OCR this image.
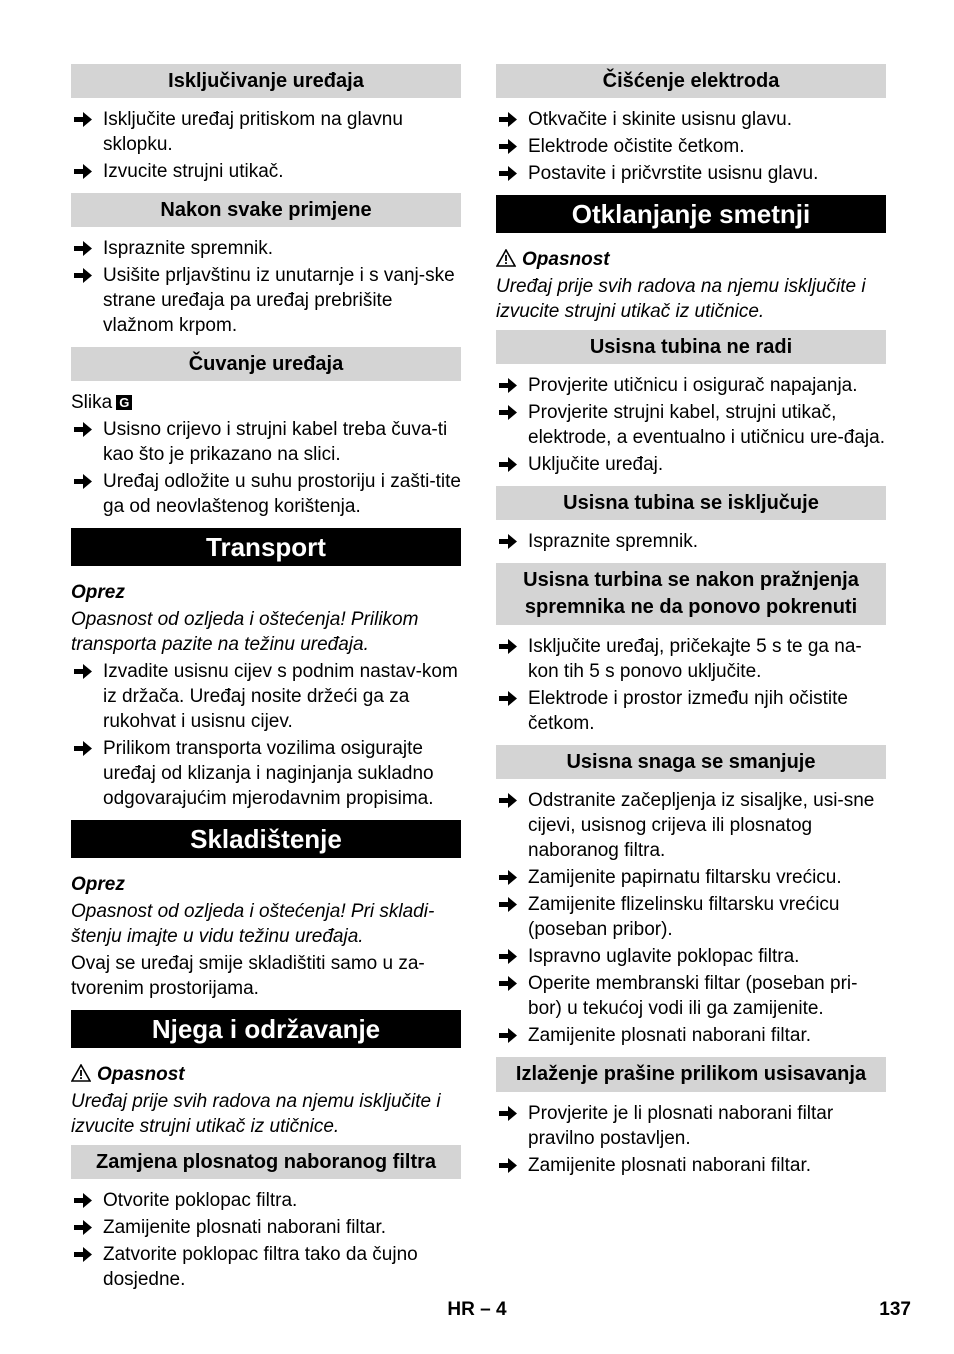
Isključivanje uređaja
Isključite uređaj pritiskom na glavnu sklopku.
Izvucite strujni utikač.
Nakon svake primjene
Ispraznite spremnik.
Usišite prljavštinu iz unutarnje i s vanj-ske strane uređaja pa uređaj prebrišite vlažnom krpom.
Čuvanje uređaja
Slika G
Usisno crijevo i strujni kabel treba čuva-ti kao što je prikazano na slici.
Uređaj odložite u suhu prostoriju i zašti-tite ga od neovlaštenog korištenja.
Transport
Oprez
Opasnost od ozljeda i oštećenja! Prilikom transporta pazite na težinu uređaja.
Izvadite usisnu cijev s podnim nastav-kom iz držača. Uređaj nosite držeći ga za rukohvat i usisnu cijev.
Prilikom transporta vozilima osigurajte uređaj od klizanja i naginjanja sukladno odgovarajućim mjerodavnim propisima.
Skladištenje
Oprez
Opasnost od ozljeda i oštećenja! Pri skladi-štenju imajte u vidu težinu uređaja.
Ovaj se uređaj smije skladištiti samo u za-tvorenim prostorijama.
Njega i održavanje
Opasnost
Uređaj prije svih radova na njemu isključite i izvucite strujni utikač iz utičnice.
Zamjena plosnatog naboranog filtra
Otvorite poklopac filtra.
Zamijenite plosnati naborani filtar.
Zatvorite poklopac filtra tako da čujno dosjedne.
Čišćenje elektroda
Otkvačite i skinite usisnu glavu.
Elektrode očistite četkom.
Postavite i pričvrstite usisnu glavu.
Otklanjanje smetnji
Opasnost
Uređaj prije svih radova na njemu isključite i izvucite strujni utikač iz utičnice.
Usisna tubina ne radi
Provjerite utičnicu i osigurač napajanja.
Provjerite strujni kabel, strujni utikač, elektrode, a eventualno i utičnicu ure-đaja.
Uključite uređaj.
Usisna tubina se isključuje
Ispraznite spremnik.
Usisna turbina se nakon pražnjenja spremnika ne da ponovo pokrenuti
Isključite uređaj, pričekajte 5 s te ga na-kon tih 5 s ponovo uključite.
Elektrode i prostor između njih očistite četkom.
Usisna snaga se smanjuje
Odstranite začepljenja iz sisaljke, usi-sne cijevi, usisnog crijeva ili plosnatog naboranog filtra.
Zamijenite papirnatu filtarsku vrećicu.
Zamijenite flizelinsku filtarsku vrećicu (poseban pribor).
Ispravno uglavite poklopac filtra.
Operite membranski filtar (poseban pri-bor) u tekućoj vodi ili ga zamijenite.
Zamijenite plosnati naborani filtar.
Izlaženje prašine prilikom usisavanja
Provjerite je li plosnati naborani filtar pravilno postavljen.
Zamijenite plosnati naborani filtar.
HR – 4	137
